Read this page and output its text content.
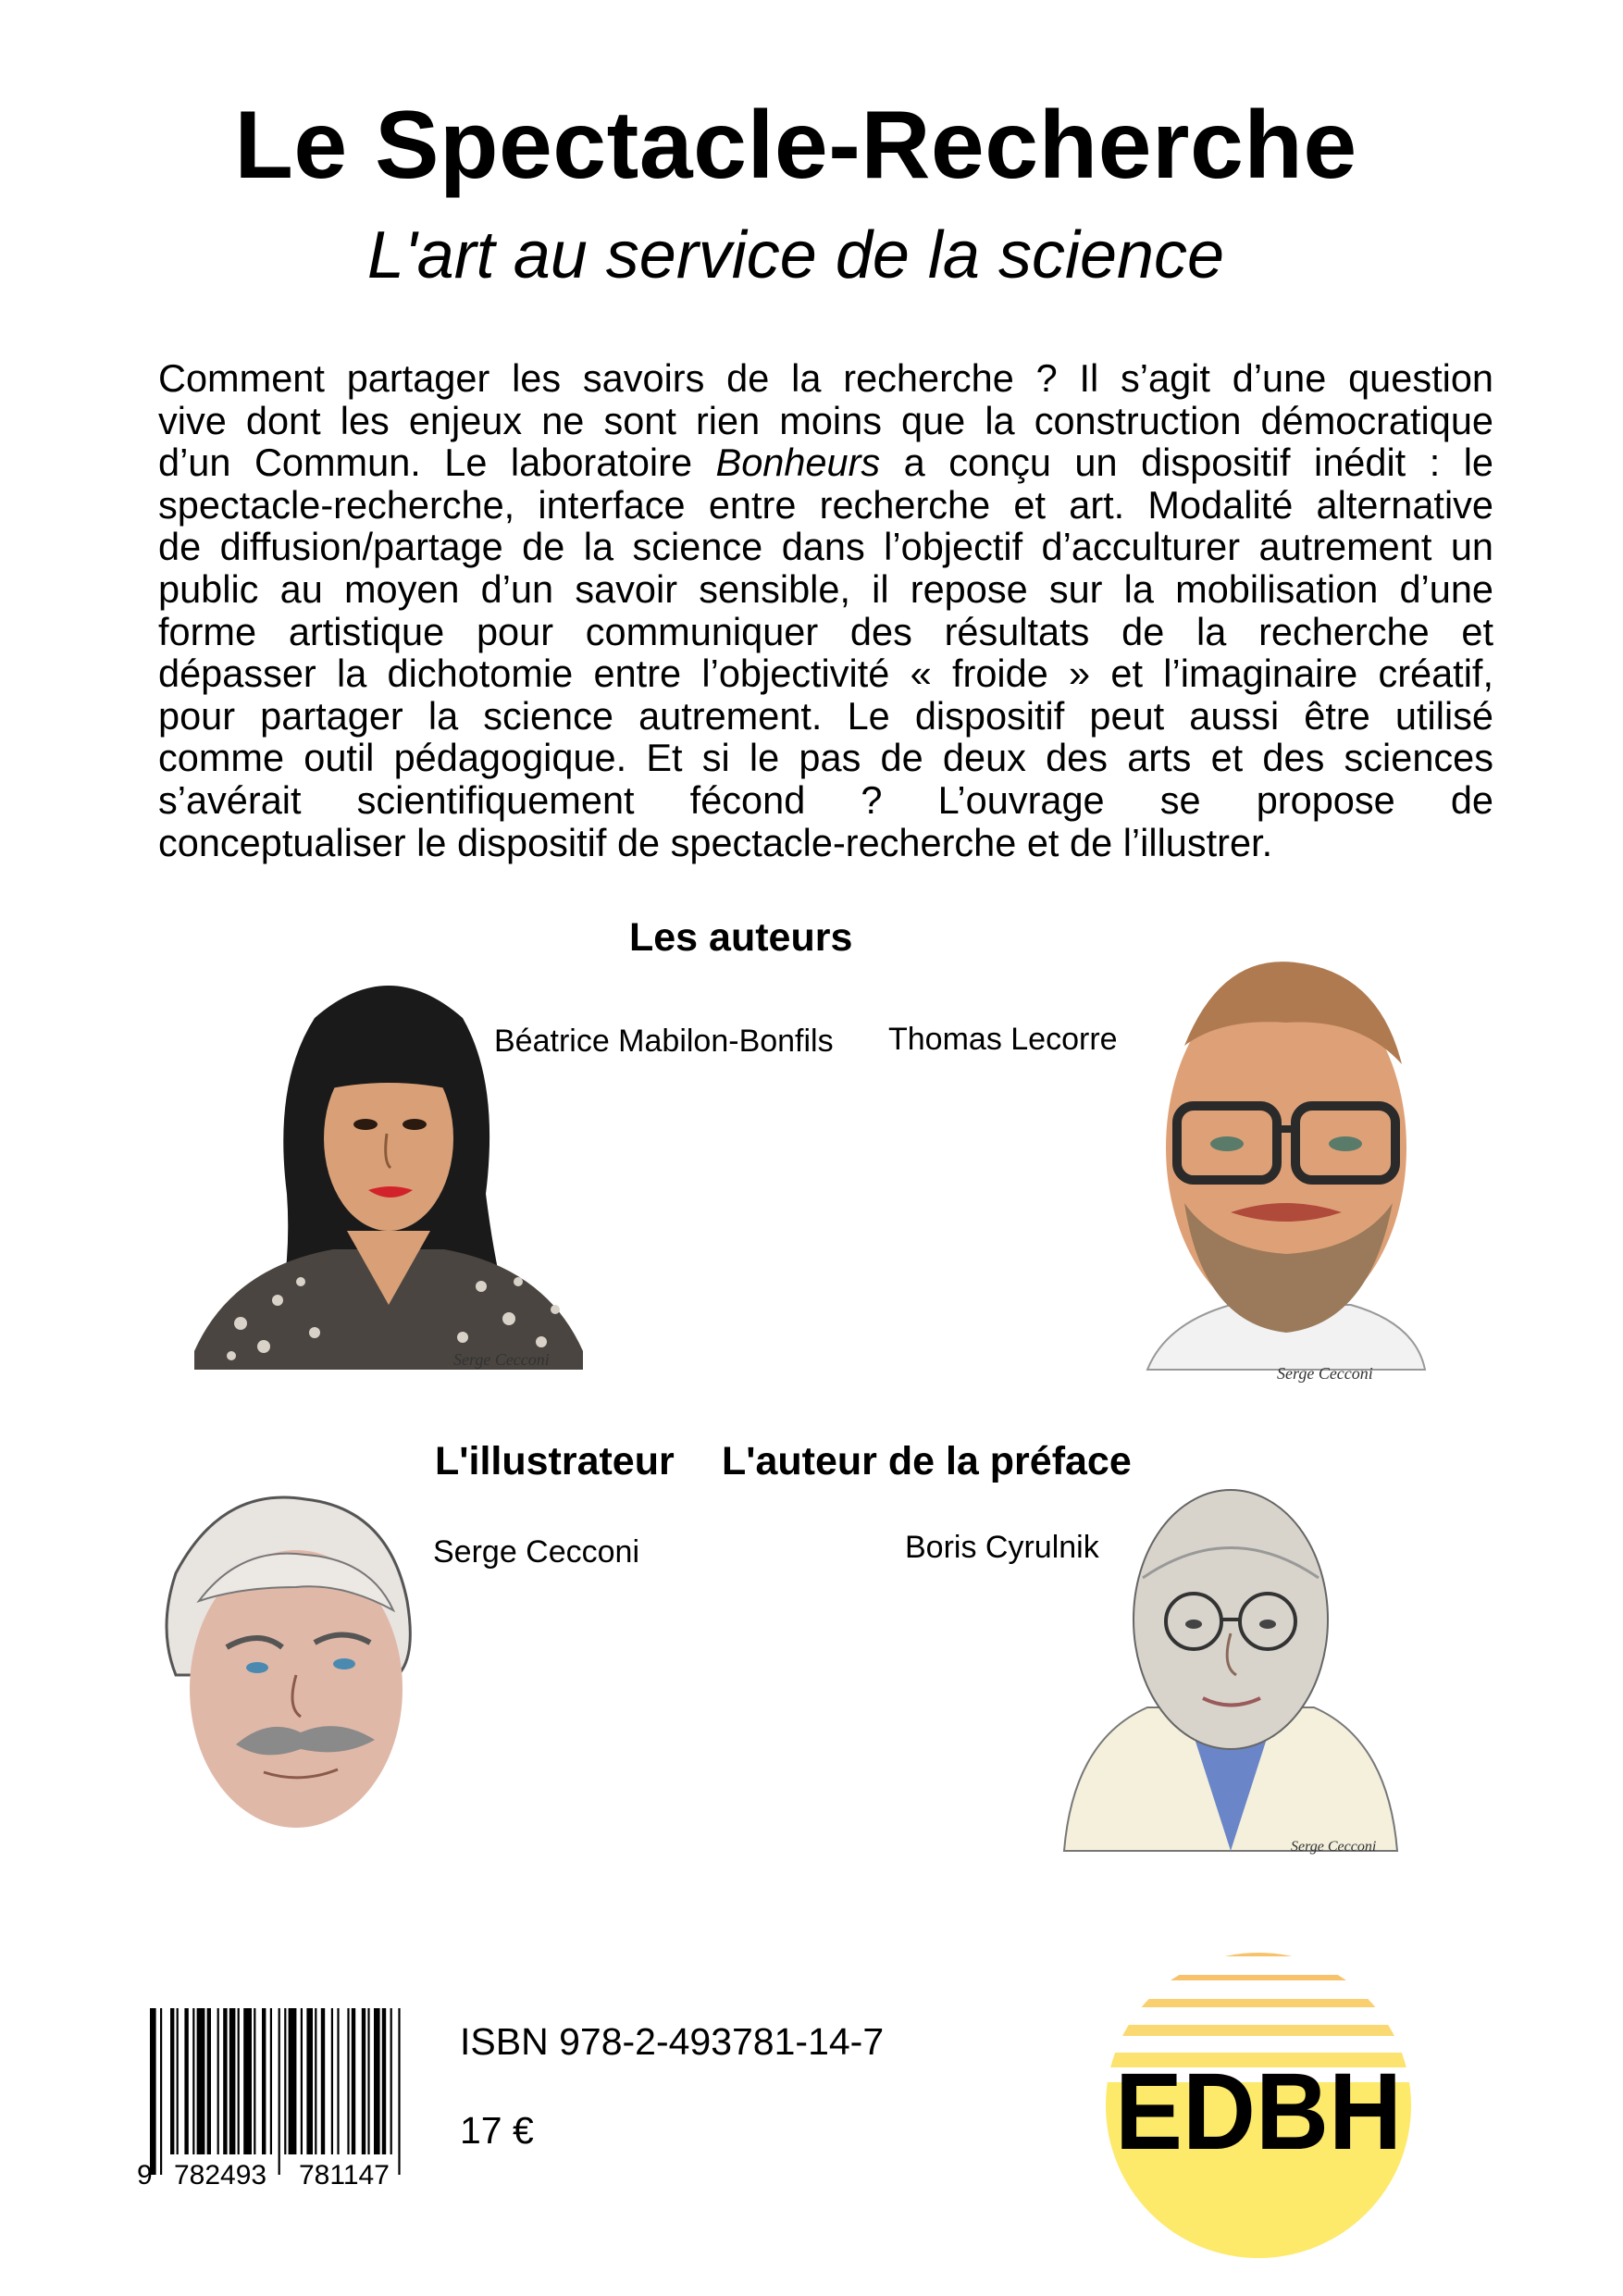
Le Spectacle-Recherche
L'art au service de la science
Comment partager les savoirs de la recherche ? Il s’agit d’une question
vive dont les enjeux ne sont rien moins que la construction démocratique
d’un Commun. Le laboratoire Bonheurs a conçu un dispositif inédit : le
spectacle-recherche, interface entre recherche et art. Modalité alternative
de diffusion/partage de la science dans l’objectif d’acculturer autrement un
public au moyen d’un savoir sensible, il repose sur la mobilisation d’une
forme artistique pour communiquer des résultats de la recherche et
dépasser la dichotomie entre l’objectivité « froide » et l’imaginaire créatif,
pour partager la science autrement. Le dispositif peut aussi être utilisé
comme outil pédagogique. Et si le pas de deux des arts et des sciences
s’avérait scientifiquement fécond ? L’ouvrage se propose de
conceptualiser le dispositif de spectacle-recherche et de l’illustrer.
Les auteurs
Béatrice Mabilon-Bonfils Thomas Lecorre
Serge Cecconi
Serge Cecconi
L'illustrateur
Serge Cecconi
L'auteur de la préface
Boris Cyrulnik
Serge Cecconi
9 782493 781147
ISBN 978-2-493781-14-7
17 €	EDBH
